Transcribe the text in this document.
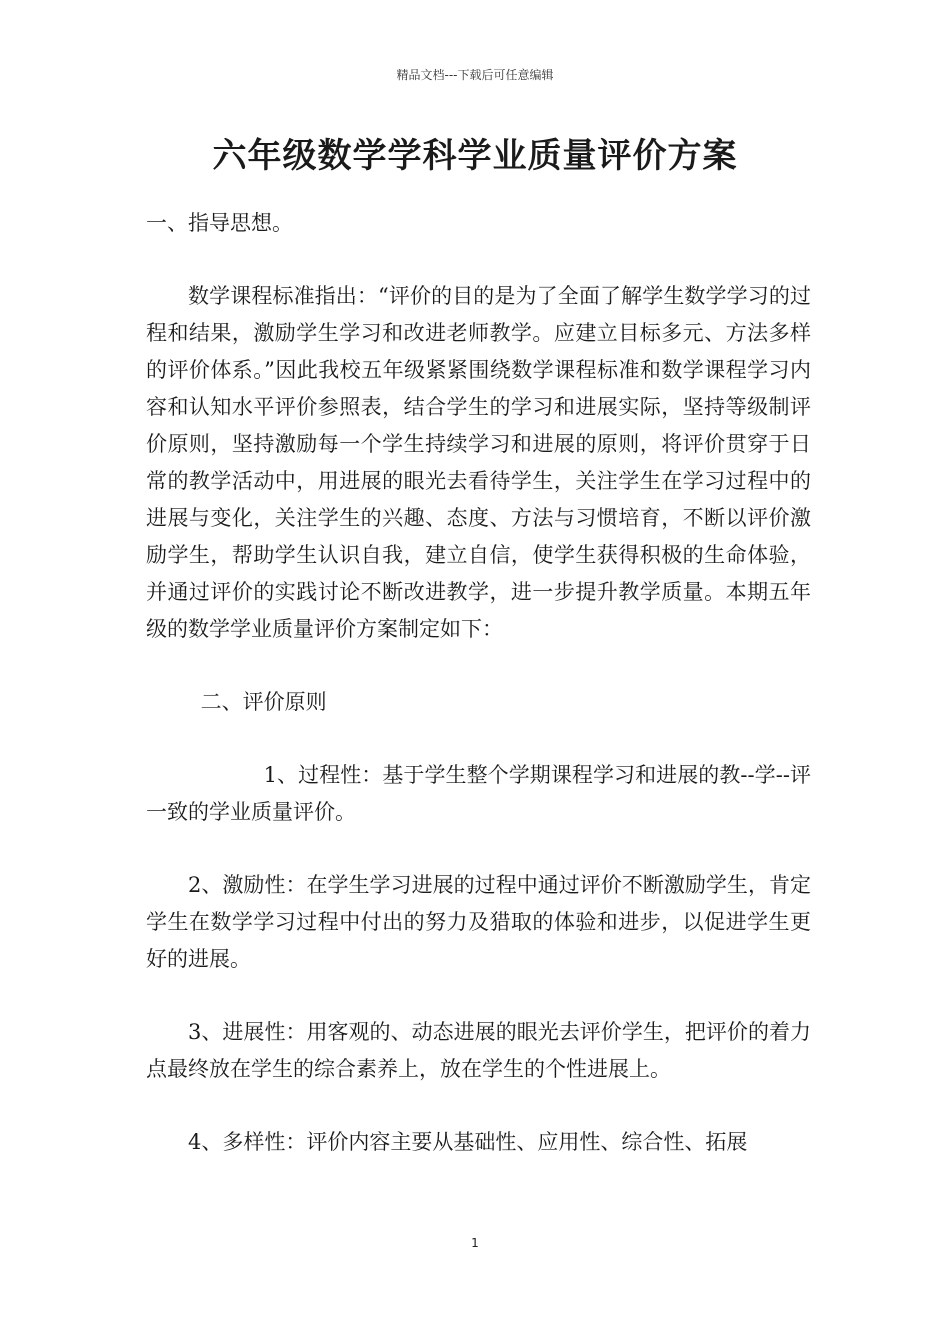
精品文档---下载后可任意编辑
六年级数学学科学业质量评价方案

一、指导思想。

数学课程标准指出：“评价的目的是为了全面了解学生数学学习的过程和结果，激励学生学习和改进老师教学。应建立目标多元、方法多样的评价体系。”因此我校五年级紧紧围绕数学课程标准和数学课程学习内容和认知水平评价参照表，结合学生的学习和进展实际，坚持等级制评价原则，坚持激励每一个学生持续学习和进展的原则，将评价贯穿于日常的教学活动中，用进展的眼光去看待学生，关注学生在学习过程中的进展与变化，关注学生的兴趣、态度、方法与习惯培育，不断以评价激励学生，帮助学生认识自我，建立自信，使学生获得积极的生命体验，并通过评价的实践讨论不断改进教学，进一步提升教学质量。本期五年级的数学学业质量评价方案制定如下：

二、评价原则

1、过程性：基于学生整个学期课程学习和进展的教--学--评一致的学业质量评价。

2、激励性：在学生学习进展的过程中通过评价不断激励学生，肯定学生在数学学习过程中付出的努力及猎取的体验和进步，以促进学生更好的进展。

3、进展性：用客观的、动态进展的眼光去评价学生，把评价的着力点最终放在学生的综合素养上，放在学生的个性进展上。

4、多样性：评价内容主要从基础性、应用性、综合性、拓展

1
